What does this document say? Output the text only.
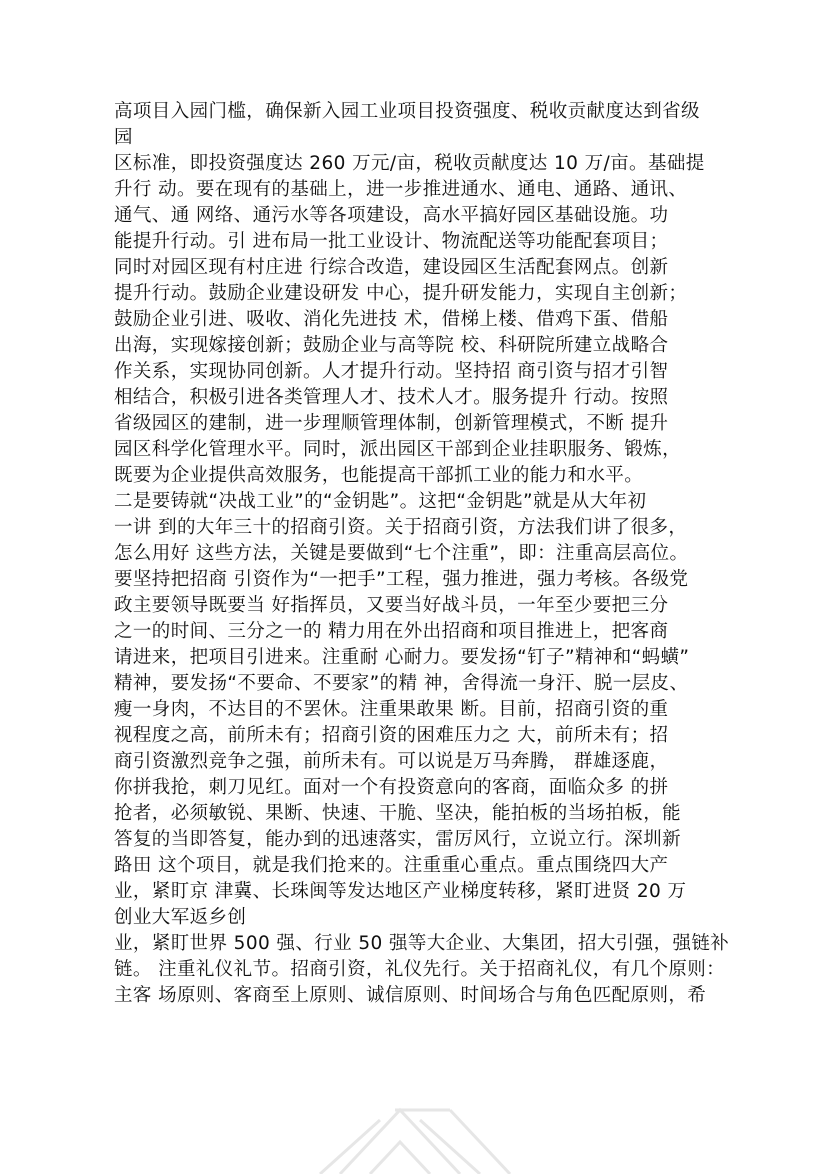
高项目入园门槛，确保新入园工业项目投资强度、税收贡献度达到省级
园
区标准，即投资强度达 260 万元/亩，税收贡献度达 10 万/亩。基础提
升行 动。要在现有的基础上，进一步推进通水、通电、通路、通讯、
通气、通 网络、通污水等各项建设，高水平搞好园区基础设施。功
能提升行动。引 进布局一批工业设计、物流配送等功能配套项目；
同时对园区现有村庄进 行综合改造，建设园区生活配套网点。创新
提升行动。鼓励企业建设研发 中心，提升研发能力，实现自主创新；
鼓励企业引进、吸收、消化先进技 术，借梯上楼、借鸡下蛋、借船
出海，实现嫁接创新；鼓励企业与高等院 校、科研院所建立战略合
作关系，实现协同创新。人才提升行动。坚持招 商引资与招才引智
相结合，积极引进各类管理人才、技术人才。服务提升 行动。按照
省级园区的建制，进一步理顺管理体制，创新管理模式，不断 提升
园区科学化管理水平。同时，派出园区干部到企业挂职服务、锻炼，
既要为企业提供高效服务，也能提高干部抓工业的能力和水平。
二是要铸就“决战工业”的“金钥匙”。这把“金钥匙”就是从大年初
一讲 到的大年三十的招商引资。关于招商引资，方法我们讲了很多，
怎么用好 这些方法，关键是要做到“七个注重”，即：注重高层高位。
要坚持把招商 引资作为“一把手”工程，强力推进，强力考核。各级党
政主要领导既要当 好指挥员，又要当好战斗员，一年至少要把三分
之一的时间、三分之一的 精力用在外出招商和项目推进上，把客商
请进来，把项目引进来。注重耐 心耐力。要发扬“钉子”精神和“蚂蟥”
精神，要发扬“不要命、不要家”的精 神，舍得流一身汗、脱一层皮、
瘦一身肉，不达目的不罢休。注重果敢果 断。目前，招商引资的重
视程度之高，前所未有；招商引资的困难压力之 大，前所未有；招
商引资激烈竞争之强，前所未有。可以说是万马奔腾， 群雄逐鹿，
你拼我抢，刺刀见红。面对一个有投资意向的客商，面临众多 的拼
抢者，必须敏锐、果断、快速、干脆、坚决，能拍板的当场拍板，能
答复的当即答复，能办到的迅速落实，雷厉风行，立说立行。深圳新
路田 这个项目，就是我们抢来的。注重重心重点。重点围绕四大产
业，紧盯京 津冀、长珠闽等发达地区产业梯度转移，紧盯进贤 20 万
创业大军返乡创
业，紧盯世界 500 强、行业 50 强等大企业、大集团，招大引强，强链补
链。 注重礼仪礼节。招商引资，礼仪先行。关于招商礼仪，有几个原则：
主客 场原则、客商至上原则、诚信原则、时间场合与角色匹配原则，希
